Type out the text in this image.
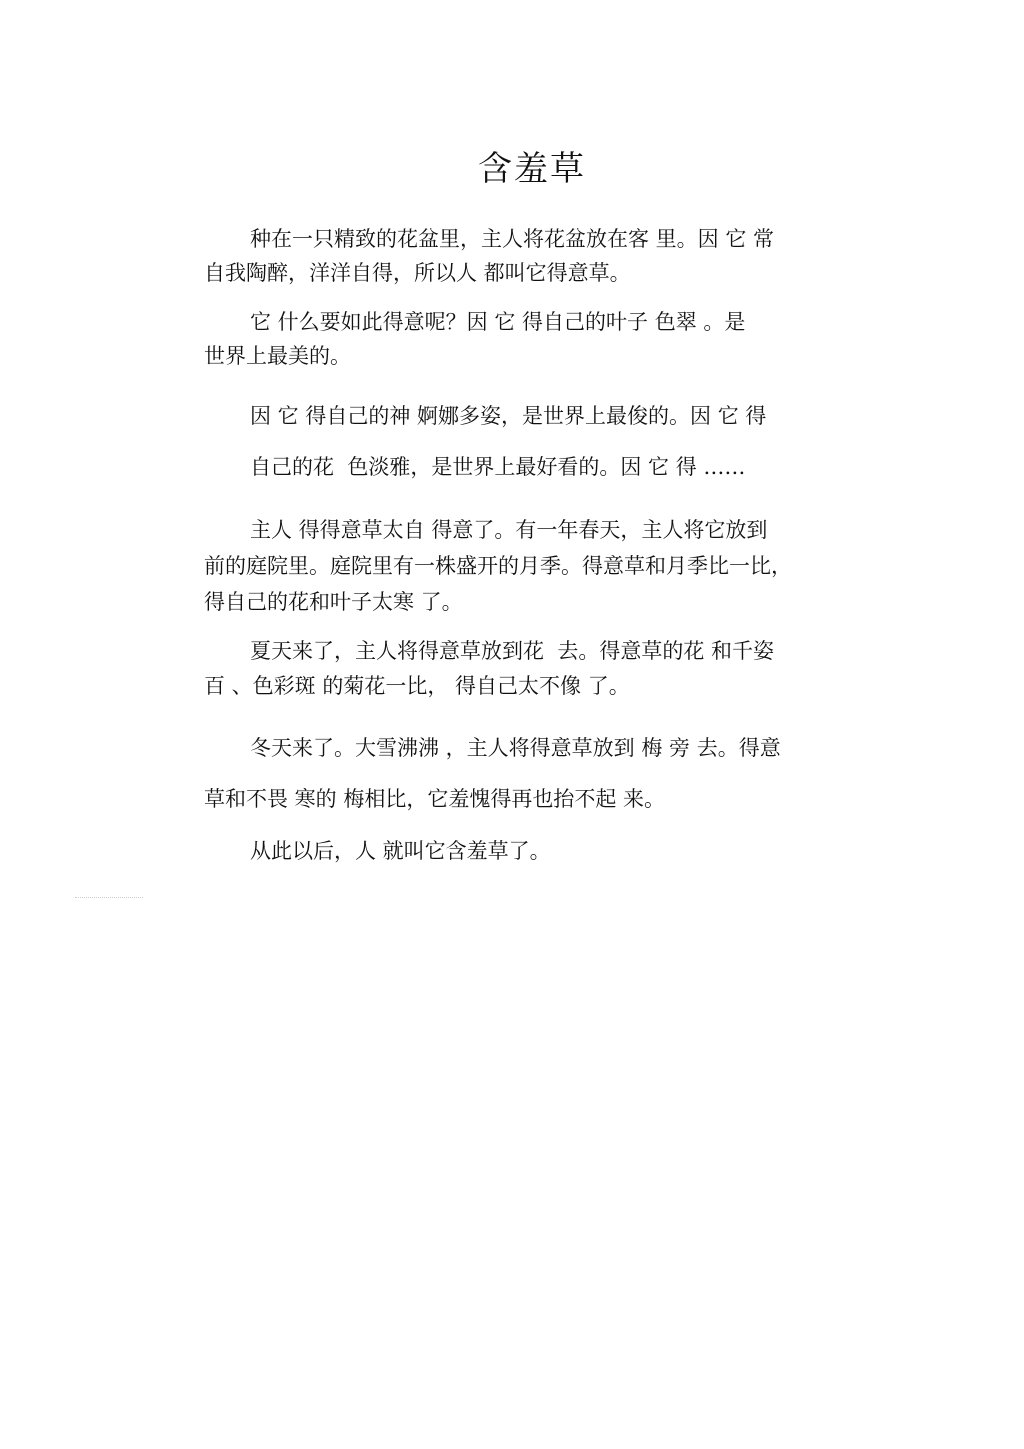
含羞草
种在一只精致的花盆里，主人将花盆放在客 里。因 它 常
自我陶醉，洋洋自得，所以人 都叫它得意草。
它 什么要如此得意呢？因 它 得自己的叶子 色翠 。是
世界上最美的。
因 它 得自己的神 婀娜多姿，是世界上最俊的。因 它 得
自己的花  色淡雅，是世界上最好看的。因 它 得 ……
主人 得得意草太自 得意了。有一年春天，主人将它放到
前的庭院里。庭院里有一株盛开的月季。得意草和月季比一比，
得自己的花和叶子太寒 了。
夏天来了，主人将得意草放到花  去。得意草的花 和千姿
百 、色彩斑 的菊花一比， 得自己太不像 了。
冬天来了。大雪沸沸 ，主人将得意草放到 梅 旁 去。得意
草和不畏 寒的 梅相比，它羞愧得再也抬不起 来。
从此以后，人 就叫它含羞草了。
